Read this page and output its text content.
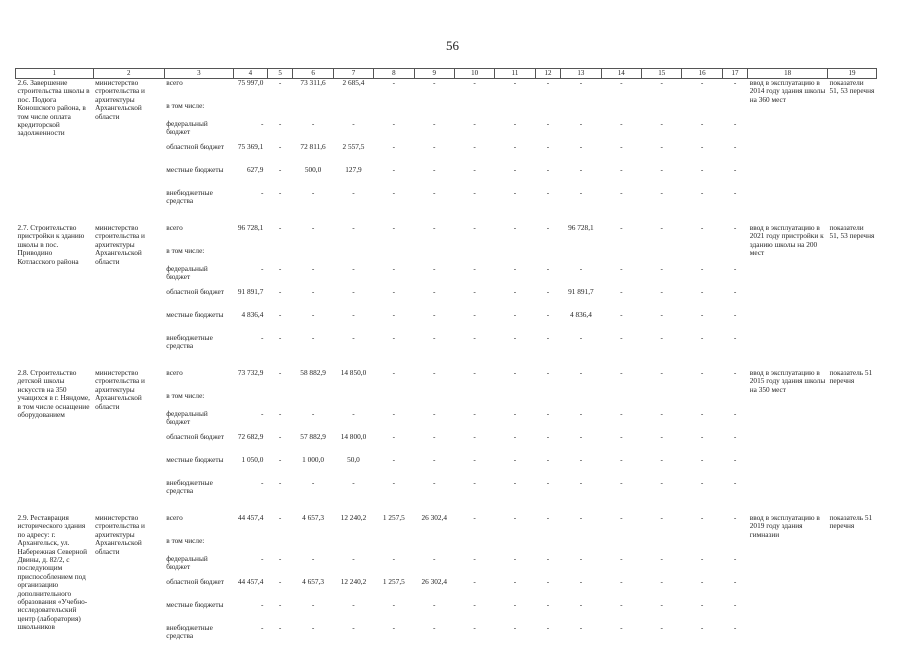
56
1	2	3	4	5	6	7	8	9	10	11	12	13	14	15	16	17	18	19
2.6. Завершение строительства школы в пос. Подюга Коношского района, в том числе оплата кредиторской задолженности	министерство строительства и архитектуры Архангельской области	всего	75 997,0	-	73 311,6	2 685,4	-	-	-	-	-	-	-	-	-	-	ввод в эксплуатацию в 2014 году здания школы на 360 мест	показатели 51, 53 перечня
		в том числе:																
		федеральный бюджет	-	-	-	-	-	-	-	-	-	-	-	-	-	-		
		областной бюджет	75 369,1	-	72 811,6	2 557,5	-	-	-	-	-	-	-	-	-	-		
		местные бюджеты	627,9	-	500,0	127,9	-	-	-	-	-	-	-	-	-	-		
		внебюджетные средства	-	-	-	-	-	-	-	-	-	-	-	-	-	-		

2.7. Строительство пристройки к зданию школы в пос. Приводино Котласского района	министерство строительства и архитектуры Архангельской области	всего	96 728,1	-	-	-	-	-	-	-	-	96 728,1	-	-	-	-	ввод в эксплуатацию в 2021 году пристройки к зданию школы на 200 мест	показатели 51, 53 перечня
		в том числе:																
		федеральный бюджет	-	-	-	-	-	-	-	-	-	-	-	-	-	-		
		областной бюджет	91 891,7	-	-	-	-	-	-	-	-	91 891,7	-	-	-	-		
		местные бюджеты	4 836,4	-	-	-	-	-	-	-	-	4 836,4	-	-	-	-		
		внебюджетные средства	-	-	-	-	-	-	-	-	-	-	-	-	-	-		

2.8. Строительство детской школы искусств на 350 учащихся в г. Няндоме, в том числе оснащение оборудованием	министерство строительства и архитектуры Архангельской области	всего	73 732,9	-	58 882,9	14 850,0	-	-	-	-	-	-	-	-	-	-	ввод в эксплуатацию в 2015 году здания школы на 350 мест	показатель 51 перечня
		в том числе:																
		федеральный бюджет	-	-	-	-	-	-	-	-	-	-	-	-	-	-		
		областной бюджет	72 682,9	-	57 882,9	14 800,0	-	-	-	-	-	-	-	-	-	-		
		местные бюджеты	1 050,0	-	1 000,0	50,0	-	-	-	-	-	-	-	-	-	-		
		внебюджетные средства	-	-	-	-	-	-	-	-	-	-	-	-	-	-		

2.9. Реставрация исторического здания по адресу: г. Архангельск, ул. Набережная Северной Двины, д. 82/2, с последующим приспособлением под организацию дополнительного образования «Учебно-исследовательский центр (лаборатория) школьников	министерство строительства и архитектуры Архангельской области	всего	44 457,4	-	4 657,3	12 240,2	1 257,5	26 302,4	-	-	-	-	-	-	-	-	ввод в эксплуатацию в 2019 году здания гимназии	показатель 51 перечня
		в том числе:																
		федеральный бюджет	-	-	-	-	-	-	-	-	-	-	-	-	-	-		
		областной бюджет	44 457,4	-	4 657,3	12 240,2	1 257,5	26 302,4	-	-	-	-	-	-	-	-		
		местные бюджеты	-	-	-	-	-	-	-	-	-	-	-	-	-	-		
		внебюджетные средства	-	-	-	-	-	-	-	-	-	-	-	-	-	-		
